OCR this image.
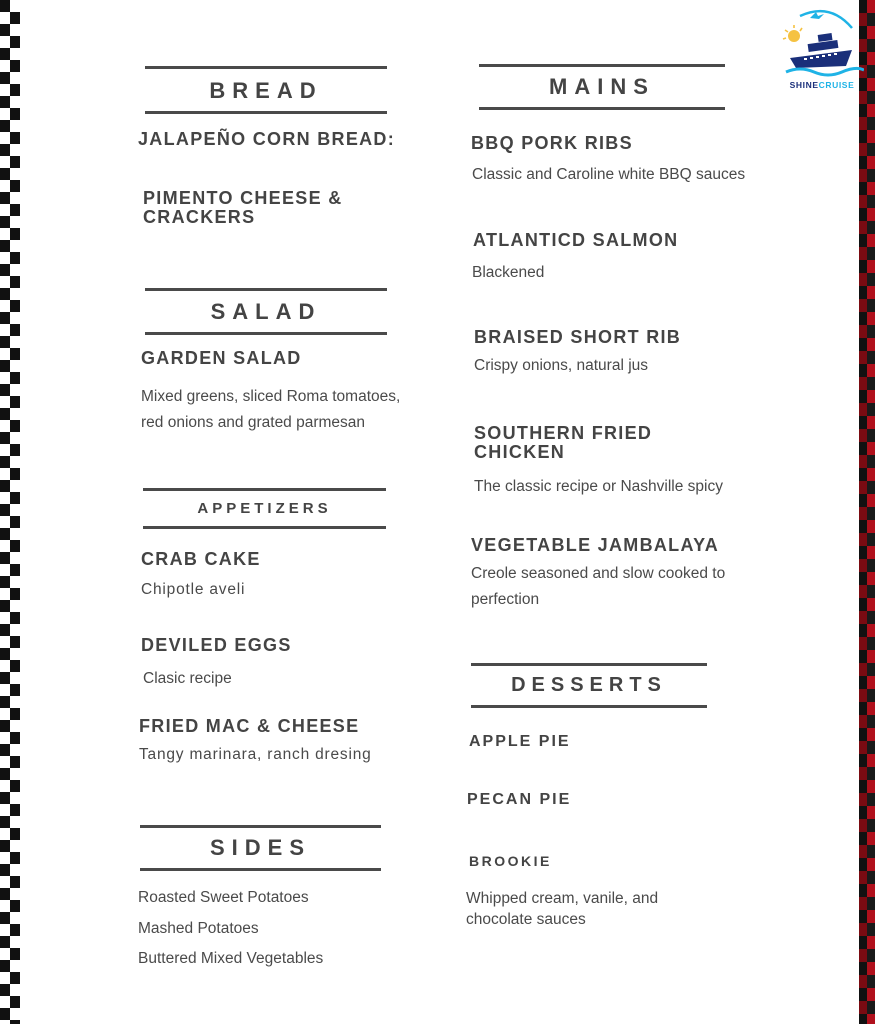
SHINECRUISE
BREAD
JALAPEÑO CORN BREAD:
PIMENTO CHEESE &
CRACKERS
SALAD
GARDEN SALAD
Mixed greens, sliced Roma tomatoes,
red onions and grated parmesan
APPETIZERS
CRAB CAKE
Chipotle aveli
DEVILED EGGS
Clasic recipe
FRIED MAC & CHEESE
Tangy marinara, ranch dresing
SIDES
Roasted Sweet Potatoes
Mashed Potatoes
Buttered Mixed Vegetables
MAINS
BBQ PORK RIBS
Classic and Caroline white BBQ sauces
ATLANTICD SALMON
Blackened
BRAISED SHORT RIB
Crispy onions, natural jus
SOUTHERN FRIED
CHICKEN
The classic recipe or Nashville spicy
VEGETABLE JAMBALAYA
Creole seasoned and slow cooked to
perfection
DESSERTS
APPLE PIE
PECAN PIE
BROOKIE
Whipped cream, vanile, and
chocolate sauces
